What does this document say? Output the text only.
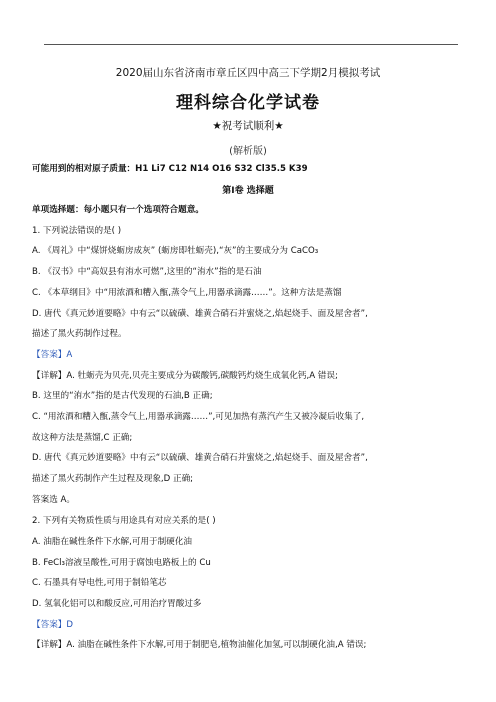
2020届山东省济南市章丘区四中高三下学期2月模拟考试
理科综合化学试卷
★祝考试顺利★
(解析版)
可能用到的相对原子质量：H1 Li7 C12 N14 O16 S32 Cl35.5 K39
第Ⅰ卷 选择题
单项选择题：每小题只有一个选项符合题意。
1. 下列说法错误的是( )
A. 《周礼》中“煤饼烧蛎房成灰” (蛎房即牡蛎壳),“灰”的主要成分为 CaCO₃
B. 《汉书》中“高奴县有洧水可燃”,这里的“洧水”指的是石油
C. 《本草纲目》中“用浓酒和糟入甑,蒸令气上,用器承滴露……”。这种方法是蒸馏
D. 唐代《真元妙道要略》中有云“以硫磺、雄黄合硝石并蜜烧之,焰起烧手、面及屋舍者”,
描述了黑火药制作过程。
【答案】A
【详解】A. 牡蛎壳为贝壳,贝壳主要成分为碳酸钙,碳酸钙灼烧生成氧化钙,A 错误;
B. 这里的“洧水”指的是古代发现的石油,B 正确;
C. “用浓酒和糟入甑,蒸令气上,用器承滴露……”,可见加热有蒸汽产生又被冷凝后收集了,
故这种方法是蒸馏,C 正确;
D. 唐代《真元妙道要略》中有云“以硫磺、雄黄合硝石并蜜烧之,焰起烧手、面及屋舍者”,
描述了黑火药制作产生过程及现象,D 正确;
答案选 A。
2. 下列有关物质性质与用途具有对应关系的是( )
A. 油脂在碱性条件下水解,可用于制硬化油
B. FeCl₃溶液呈酸性,可用于腐蚀电路板上的 Cu
C. 石墨具有导电性,可用于制铅笔芯
D. 氢氧化铝可以和酸反应,可用治疗胃酸过多
【答案】D
【详解】A. 油脂在碱性条件下水解,可用于制肥皂,植物油催化加氢,可以制硬化油,A 错误;
